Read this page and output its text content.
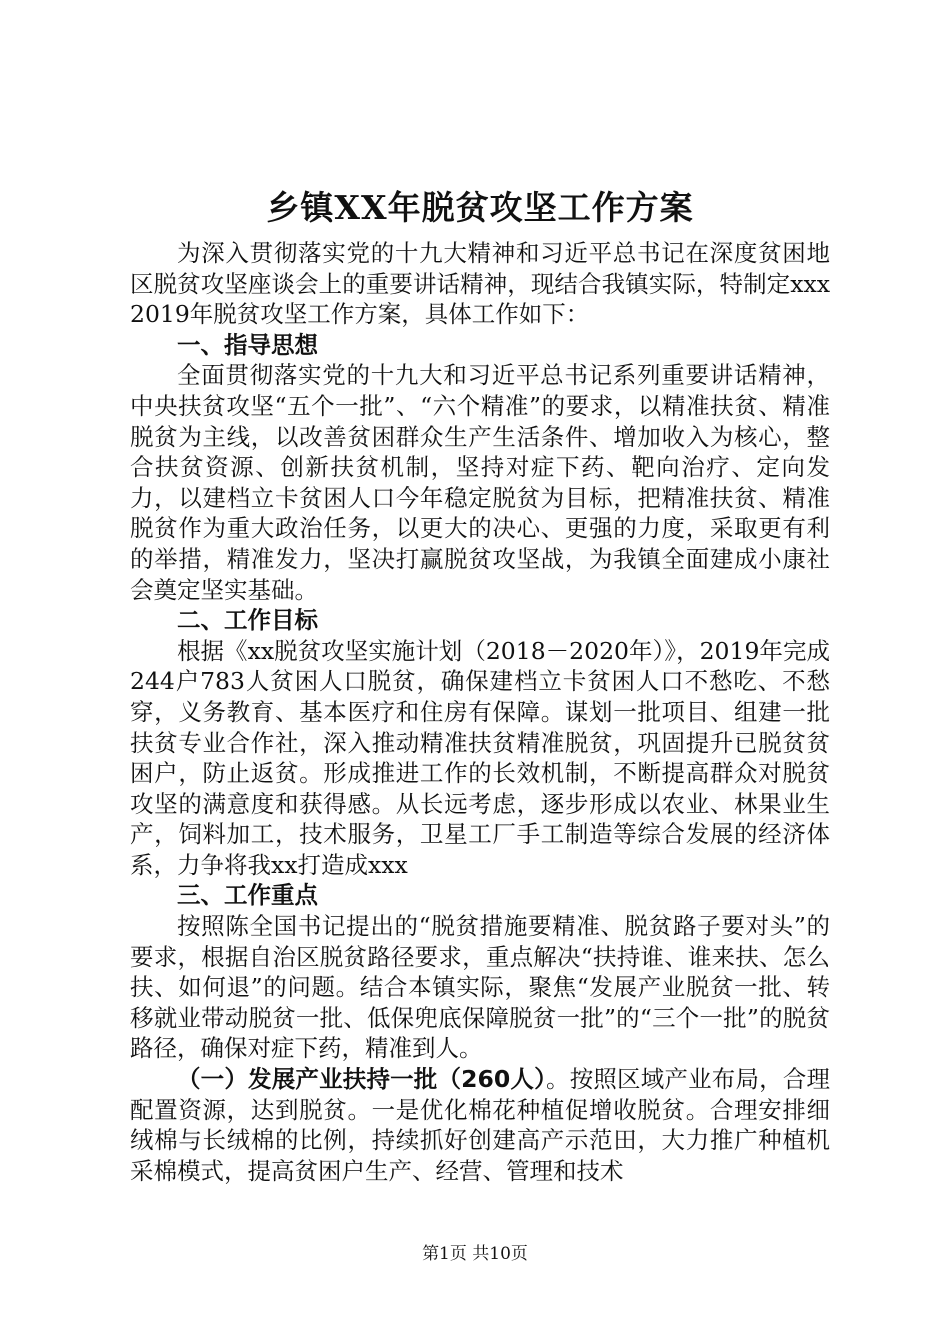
乡镇XX年脱贫攻坚工作方案

为深入贯彻落实党的十九大精神和习近平总书记在深度贫困地区脱贫攻坚座谈会上的重要讲话精神，现结合我镇实际，特制定xxx2019年脱贫攻坚工作方案，具体工作如下：

一、指导思想

全面贯彻落实党的十九大和习近平总书记系列重要讲话精神，中央扶贫攻坚“五个一批”、“六个精准”的要求，以精准扶贫、精准脱贫为主线，以改善贫困群众生产生活条件、增加收入为核心，整合扶贫资源、创新扶贫机制，坚持对症下药、靶向治疗、定向发力，以建档立卡贫困人口今年稳定脱贫为目标，把精准扶贫、精准脱贫作为重大政治任务，以更大的决心、更强的力度，采取更有利的举措，精准发力，坚决打赢脱贫攻坚战，为我镇全面建成小康社会奠定坚实基础。

二、工作目标

根据《xx脱贫攻坚实施计划（2018－2020年）》，2019年完成244户783人贫困人口脱贫，确保建档立卡贫困人口不愁吃、不愁穿，义务教育、基本医疗和住房有保障。谋划一批项目、组建一批扶贫专业合作社，深入推动精准扶贫精准脱贫，巩固提升已脱贫贫困户，防止返贫。形成推进工作的长效机制，不断提高群众对脱贫攻坚的满意度和获得感。从长远考虑，逐步形成以农业、林果业生产，饲料加工，技术服务，卫星工厂手工制造等综合发展的经济体系，力争将我xx打造成xxx

三、工作重点

按照陈全国书记提出的“脱贫措施要精准、脱贫路子要对头”的要求，根据自治区脱贫路径要求，重点解决“扶持谁、谁来扶、怎么扶、如何退”的问题。结合本镇实际，聚焦“发展产业脱贫一批、转移就业带动脱贫一批、低保兜底保障脱贫一批”的“三个一批”的脱贫路径，确保对症下药，精准到人。

（一）发展产业扶持一批（260人）。按照区域产业布局，合理配置资源，达到脱贫。一是优化棉花种植促增收脱贫。合理安排细绒棉与长绒棉的比例，持续抓好创建高产示范田，大力推广种植机采棉模式，提高贫困户生产、经营、管理和技术

第1页 共10页
